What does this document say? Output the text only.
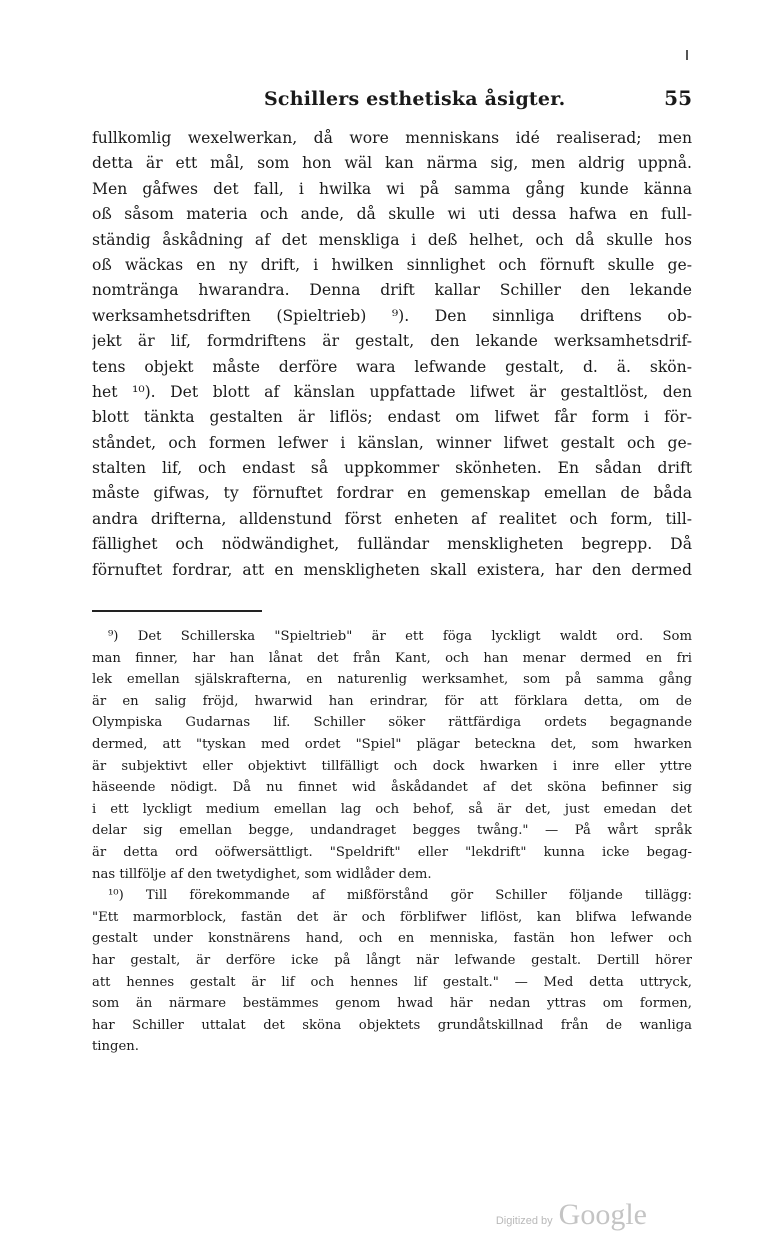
Schillers esthetiska åsigter.	55
fullkomlig wexelwerkan, då wore menniskans idé realiserad; men
detta är ett mål, som hon wäl kan närma sig, men aldrig uppnå.
Men gåfwes det fall, i hwilka wi på samma gång kunde känna
oß såsom materia och ande, då skulle wi uti dessa hafwa en full-
ständig åskådning af det menskliga i deß helhet, och då skulle hos
oß wäckas en ny drift, i hwilken sinnlighet och förnuft skulle ge-
nomtränga hwarandra. Denna drift kallar Schiller den lekande
werksamhetsdriften (Spieltrieb) ⁹). Den sinnliga driftens ob-
jekt är lif, formdriftens är gestalt, den lekande werksamhetsdrif-
tens objekt måste derföre wara lefwande gestalt, d. ä. skön-
het ¹⁰). Det blott af känslan uppfattade lifwet är gestaltlöst, den
blott tänkta gestalten är liflös; endast om lifwet får form i för-
ståndet, och formen lefwer i känslan, winner lifwet gestalt och ge-
stalten lif, och endast så uppkommer skönheten. En sådan drift
måste gifwas, ty förnuftet fordrar en gemenskap emellan de båda
andra drifterna, alldenstund först enheten af realitet och form, till-
fällighet och nödwändighet, fulländar menskligheten begrepp. Då
förnuftet fordrar, att en menskligheten skall existera, har den dermed
⁹) Det Schillerska "Spieltrieb" är ett föga lyckligt waldt ord. Som
man finner, har han lånat det från Kant, och han menar dermed en fri
lek emellan själskrafterna, en naturenlig werksamhet, som på samma gång
är en salig fröjd, hwarwid han erindrar, för att förklara detta, om de
Olympiska Gudarnas lif. Schiller söker rättfärdiga ordets begagnande
dermed, att "tyskan med ordet "Spiel" plägar beteckna det, som hwarken
är subjektivt eller objektivt tillfälligt och dock hwarken i inre eller yttre
häseende nödigt. Då nu finnet wid åskådandet af det sköna befinner sig
i ett lyckligt medium emellan lag och behof, så är det, just emedan det
delar sig emellan begge, undandraget begges twång." — På wårt språk
är detta ord oöfwersättligt. "Speldrift" eller "lekdrift" kunna icke begag-
nas tillfölje af den twetydighet, som widlåder dem.
¹⁰) Till förekommande af mißförstånd gör Schiller följande tillägg:
"Ett marmorblock, fastän det är och förblifwer liflöst, kan blifwa lefwande
gestalt under konstnärens hand, och en menniska, fastän hon lefwer och
har gestalt, är derföre icke på långt när lefwande gestalt. Dertill hörer
att hennes gestalt är lif och hennes lif gestalt." — Med detta uttryck,
som än närmare bestämmes genom hwad här nedan yttras om formen,
har Schiller uttalat det sköna objektets grundåtskillnad från de wanliga
tingen.
Digitized by Google
